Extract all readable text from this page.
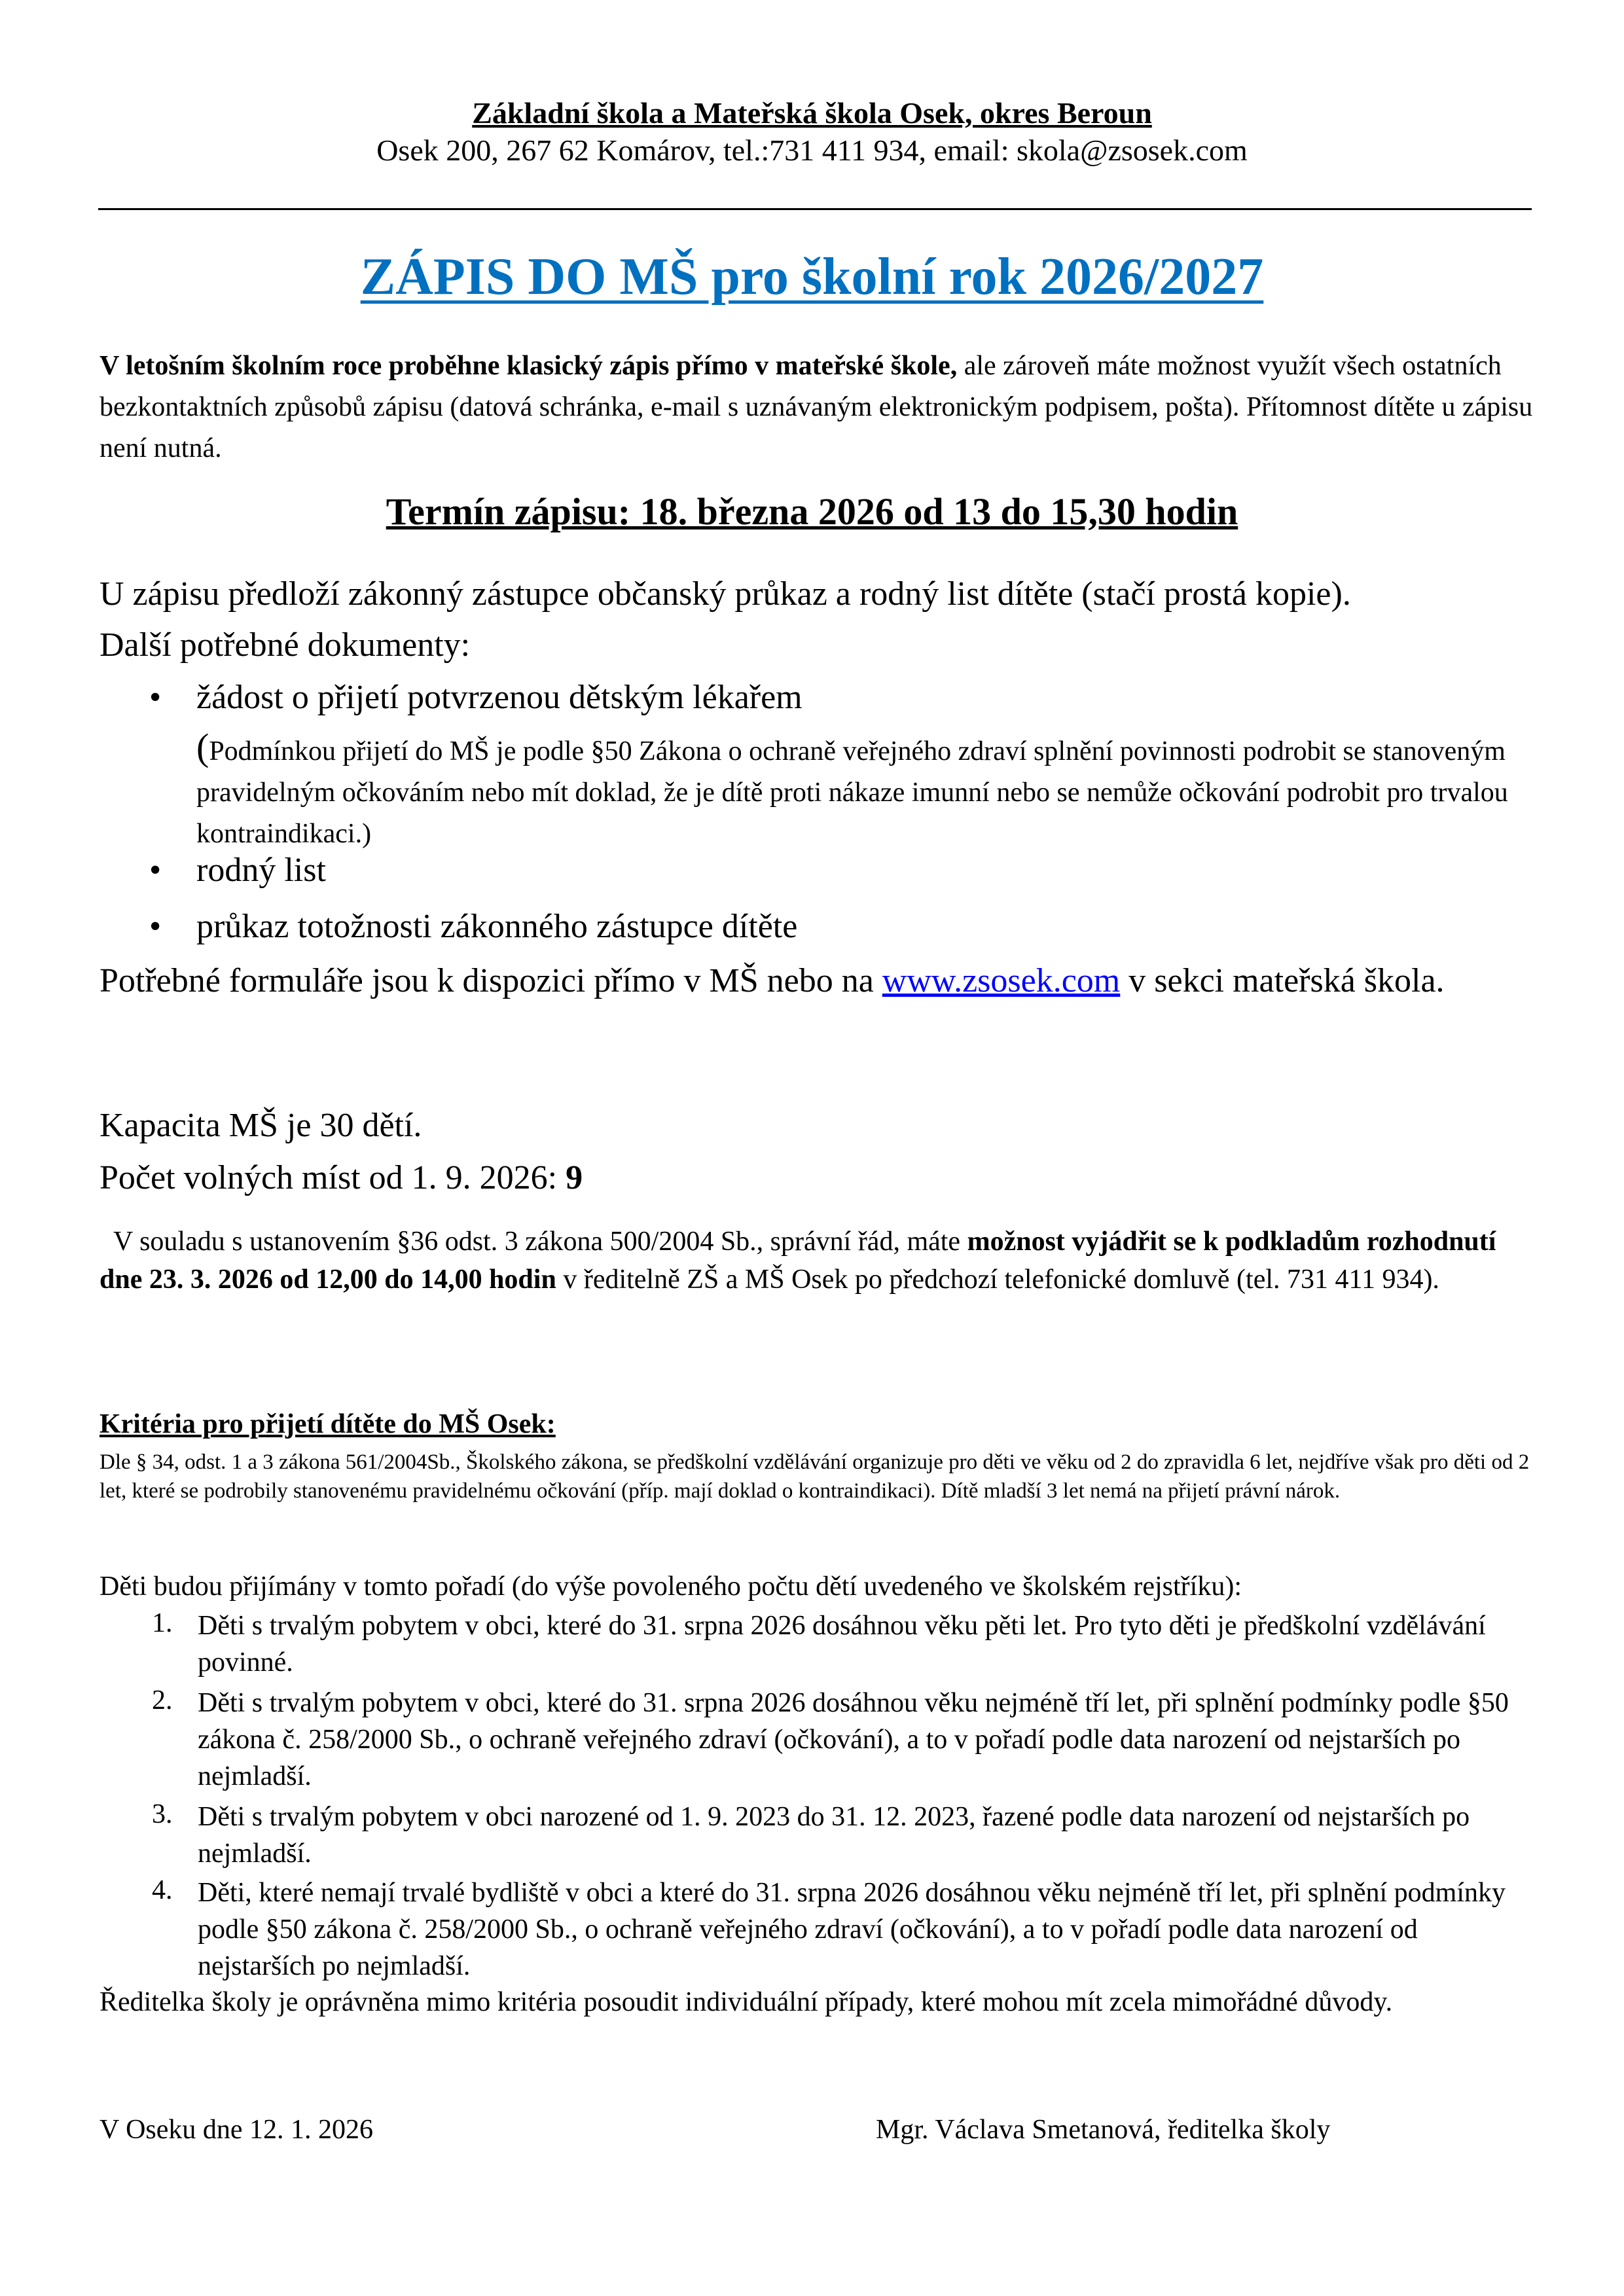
Základní škola a Mateřská škola Osek, okres Beroun
Osek 200, 267 62 Komárov, tel.:731 411 934, email: skola@zsosek.com
ZÁPIS DO MŠ pro školní rok 2026/2027
V letošním školním roce proběhne klasický zápis přímo v mateřské škole, ale zároveň máte možnost využít všech ostatních bezkontaktních způsobů zápisu (datová schránka, e-mail s uznávaným elektronickým podpisem, pošta). Přítomnost dítěte u zápisu není nutná.
Termín zápisu: 18. března 2026 od 13 do 15,30 hodin
U zápisu předloží zákonný zástupce občanský průkaz a rodný list dítěte (stačí prostá kopie).
Další potřebné dokumenty:
• žádost o přijetí potvrzenou dětským lékařem
(Podmínkou přijetí do MŠ je podle §50 Zákona o ochraně veřejného zdraví splnění povinnosti podrobit se stanoveným pravidelným očkováním nebo mít doklad, že je dítě proti nákaze imunní nebo se nemůže očkování podrobit pro trvalou kontraindikaci.)
• rodný list
• průkaz totožnosti zákonného zástupce dítěte
Potřebné formuláře jsou k dispozici přímo v MŠ nebo na www.zsosek.com v sekci mateřská škola.
Kapacita MŠ je 30 dětí.
Počet volných míst od 1. 9. 2026: 9
V souladu s ustanovením §36 odst. 3 zákona 500/2004 Sb., správní řád, máte možnost vyjádřit se k podkladům rozhodnutí dne 23. 3. 2026 od 12,00 do 14,00 hodin v ředitelně ZŠ a MŠ Osek po předchozí telefonické domluvě (tel. 731 411 934).
Kritéria pro přijetí dítěte do MŠ Osek:
Dle § 34, odst. 1 a 3 zákona 561/2004Sb., Školského zákona, se předškolní vzdělávání organizuje pro děti ve věku od 2 do zpravidla 6 let, nejdříve však pro děti od 2 let, které se podrobily stanovenému pravidelnému očkování (příp. mají doklad o kontraindikaci). Dítě mladší 3 let nemá na přijetí právní nárok.
Děti budou přijímány v tomto pořadí (do výše povoleného počtu dětí uvedeného ve školském rejstříku):
1. Děti s trvalým pobytem v obci, které do 31. srpna 2026 dosáhnou věku pěti let. Pro tyto děti je předškolní vzdělávání povinné.
2. Děti s trvalým pobytem v obci, které do 31. srpna 2026 dosáhnou věku nejméně tří let, při splnění podmínky podle §50 zákona č. 258/2000 Sb., o ochraně veřejného zdraví (očkování), a to v pořadí podle data narození od nejstarších po nejmladší.
3. Děti s trvalým pobytem v obci narozené od 1. 9. 2023 do 31. 12. 2023, řazené podle data narození od nejstarších po nejmladší.
4. Děti, které nemají trvalé bydliště v obci a které do 31. srpna 2026 dosáhnou věku nejméně tří let, při splnění podmínky podle §50 zákona č. 258/2000 Sb., o ochraně veřejného zdraví (očkování), a to v pořadí podle data narození od nejstarších po nejmladší.
Ředitelka školy je oprávněna mimo kritéria posoudit individuální případy, které mohou mít zcela mimořádné důvody.
V Oseku dne 12. 1. 2026	Mgr. Václava Smetanová, ředitelka školy
